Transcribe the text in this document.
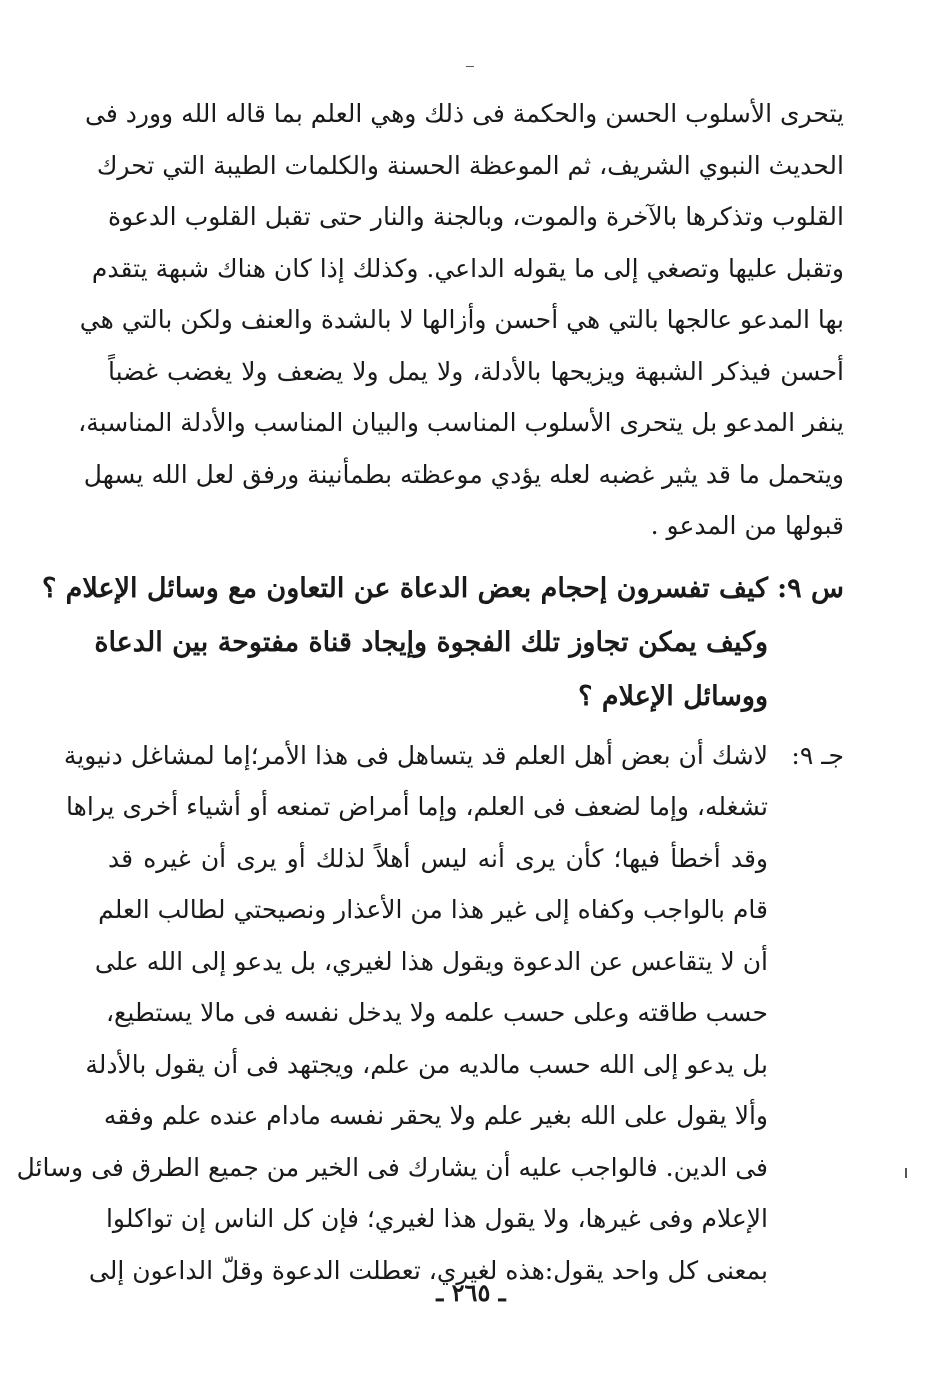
يتحرى الأسلوب الحسن والحكمة فى ذلك وهي العلم بما قاله الله وورد فى

الحديث النبوي الشريف، ثم الموعظة الحسنة والكلمات الطيبة التي تحرك

القلوب وتذكرها بالآخرة والموت، وبالجنة والنار حتى تقبل القلوب الدعوة

وتقبل عليها وتصغي إلى ما يقوله الداعي. وكذلك إذا كان هناك شبهة يتقدم

بها المدعو عالجها بالتي هي أحسن وأزالها لا بالشدة والعنف ولكن بالتي هي

أحسن فيذكر الشبهة ويزيحها بالأدلة، ولا يمل ولا يضعف ولا يغضب غضباً

ينفر المدعو بل يتحرى الأسلوب المناسب والبيان المناسب والأدلة المناسبة،

ويتحمل ما قد يثير غضبه لعله يؤدي موعظته بطمأنينة ورفق لعل الله يسهل

قبولها من المدعو .

س ٩:

كيف تفسرون إحجام بعض الدعاة عن التعاون مع وسائل الإعلام ؟

وكيف يمكن تجاوز تلك الفجوة وإيجاد قناة مفتوحة بين الدعاة

ووسائل الإعلام ؟

جـ ٩:

لاشك أن بعض أهل العلم قد يتساهل فى هذا الأمر؛إما لمشاغل دنيوية

تشغله، وإما لضعف فى العلم، وإما أمراض تمنعه أو أشياء أخرى يراها

وقد أخطأ فيها؛ كأن يرى أنه ليس أهلاً لذلك أو يرى أن غيره قد

قام بالواجب وكفاه إلى غير هذا من الأعذار ونصيحتي لطالب العلم

أن لا يتقاعس عن الدعوة ويقول هذا لغيري، بل يدعو إلى الله على

حسب طاقته وعلى حسب علمه ولا يدخل نفسه فى مالا يستطيع،

بل يدعو إلى الله حسب مالديه من علم، ويجتهد فى أن يقول بالأدلة

وألا يقول على الله بغير علم ولا يحقر نفسه مادام عنده علم وفقه

فى الدين. فالواجب عليه أن يشارك فى الخير من جميع الطرق فى وسائل

الإعلام وفى غيرها، ولا يقول هذا لغيري؛ فإن كل الناس إن تواكلوا

بمعنى كل واحد يقول:هذه لغيري، تعطلت الدعوة وقلّ الداعون إلى

ـ ٢٦٥ ـ
